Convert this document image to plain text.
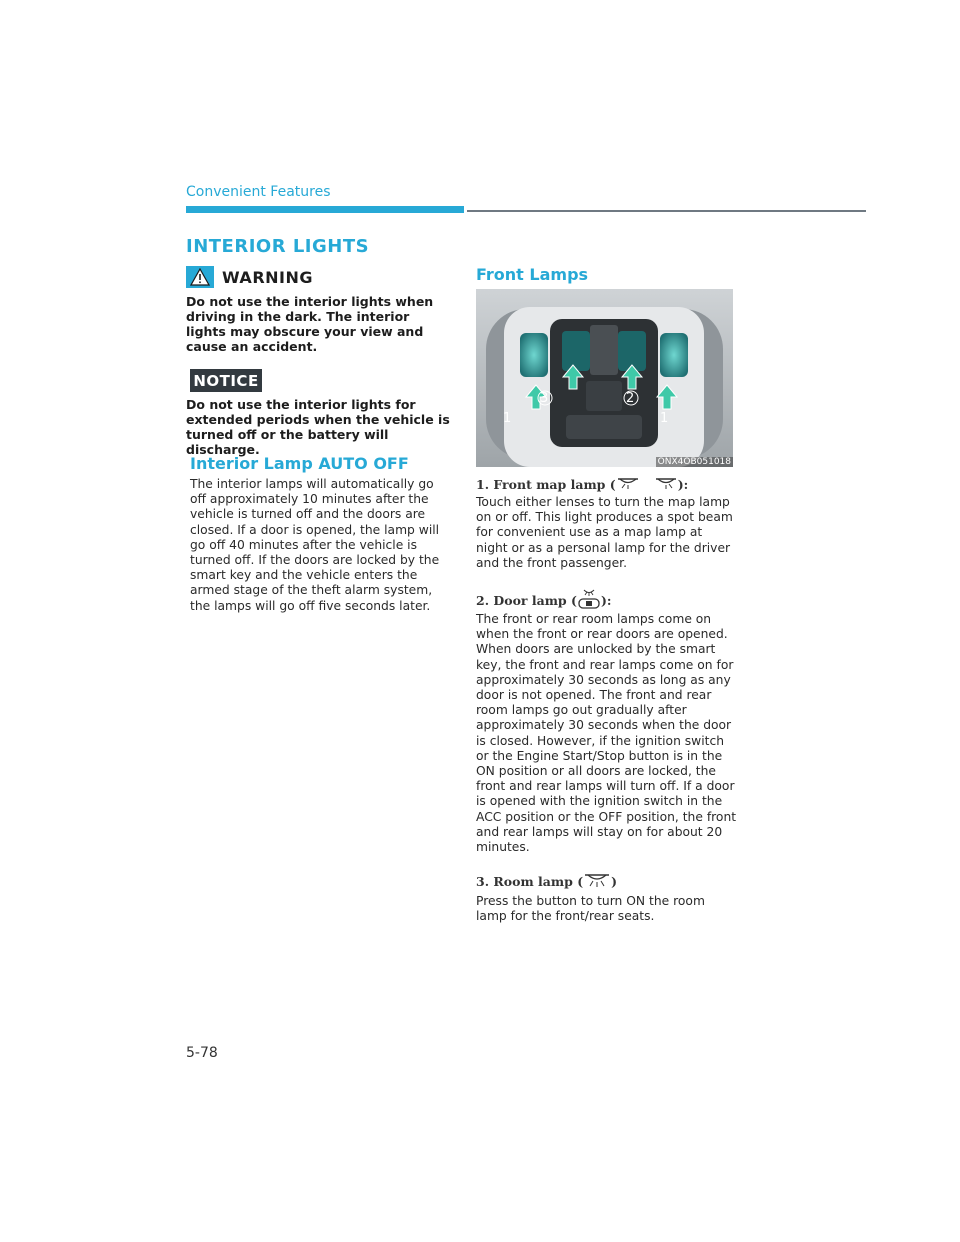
Convenient Features
INTERIOR LIGHTS
WARNING
Do not use the interior lights when driving in the dark. The interior lights may obscure your view and cause an accident.
NOTICE
Do not use the interior lights for extended periods when the vehicle is turned off or the battery will discharge.
Interior Lamp AUTO OFF
The interior lamps will automatically go off approximately 10 minutes after the vehicle is turned off and the doors are closed. If a door is opened, the lamp will go off 40 minutes after the vehicle is turned off. If the doors are locked by the smart key and the vehicle enters the armed stage of the theft alarm system, the lamps will go off five seconds later.
Front Lamps
1
3	2
1
ONX4OB051018
1. Front map lamp (	):
Touch either lenses to turn the map lamp on or off. This light produces a spot beam for convenient use as a map lamp at night or as a personal lamp for the driver and the front passenger.
2. Door lamp ( ):
The front or rear room lamps come on when the front or rear doors are opened. When doors are unlocked by the smart key, the front and rear lamps come on for approximately 30 seconds as long as any door is not opened. The front and rear room lamps go out gradually after approximately 30 seconds when the door is closed. However, if the ignition switch or the Engine Start/Stop button is in the ON position or all doors are locked, the front and rear lamps will turn off. If a door is opened with the ignition switch in the ACC position or the OFF position, the front and rear lamps will stay on for about 20 minutes.
3. Room lamp ( )
Press the button to turn ON the room lamp for the front/rear seats.
5-78
